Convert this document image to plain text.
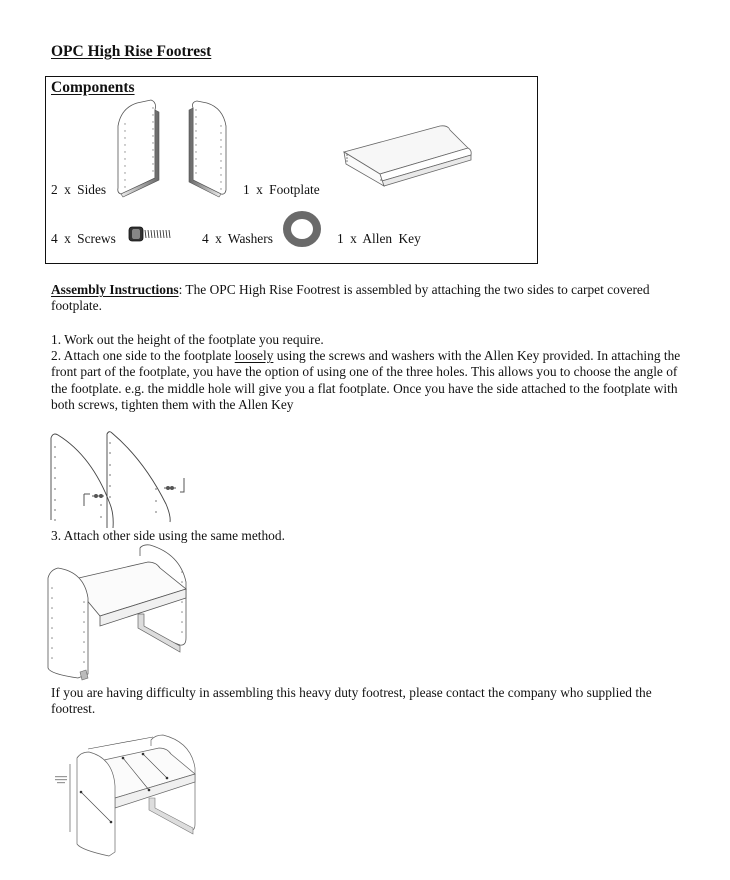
OPC High Rise Footrest
Components
2 x Sides	1 x Footplate
4 x Screws	4 x Washers	1 x Allen Key
Assembly Instructions: The OPC High Rise Footrest is assembled by attaching the two sides to carpet covered footplate.
1. Work out the height of the footplate you require.
2. Attach one side to the footplate loosely using the screws and washers with the Allen Key provided. In attaching the front part of the footplate, you have the option of using one of the three holes. This allows you to choose the angle of the footplate. e.g. the middle hole will give you a flat footplate. Once you have the side attached to the footplate with both screws, tighten them with the Allen Key
3. Attach other side using the same method.
If you are having difficulty in assembling this heavy duty footrest, please contact the company who supplied the footrest.
